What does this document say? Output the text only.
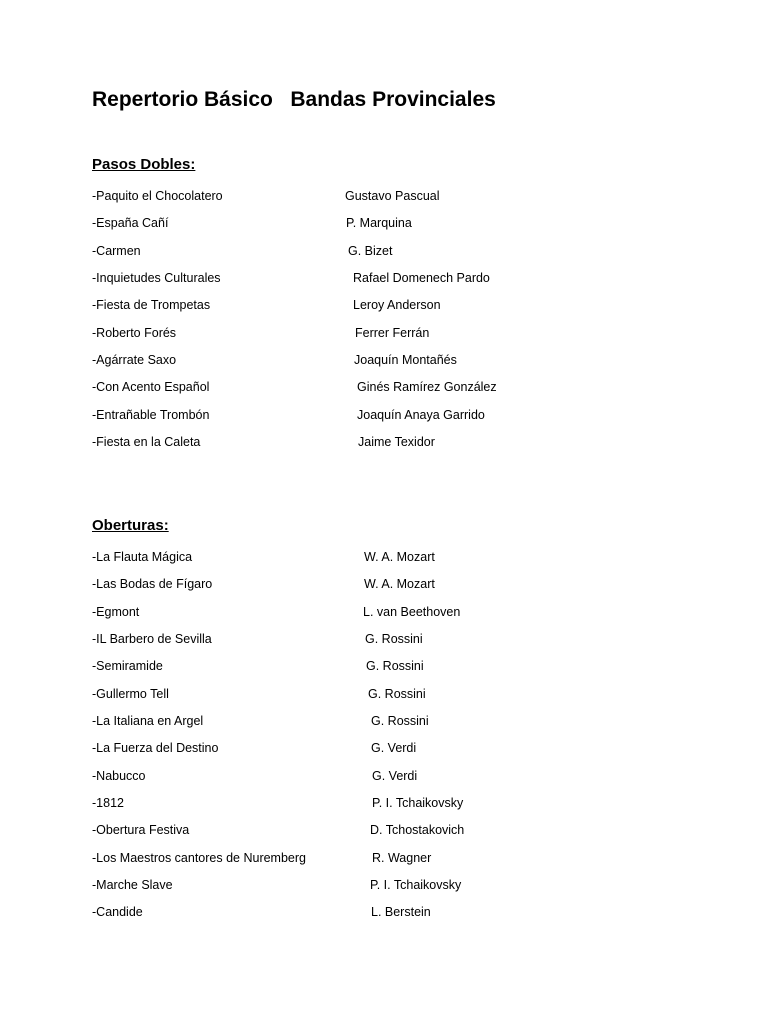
Repertorio Básico   Bandas Provinciales
Pasos Dobles:
-Paquito el Chocolatero	Gustavo Pascual
-España Cañí	P. Marquina
-Carmen	G. Bizet
-Inquietudes Culturales	Rafael Domenech Pardo
-Fiesta de Trompetas	Leroy Anderson
-Roberto Forés	Ferrer Ferrán
-Agárrate Saxo	Joaquín Montañés
-Con Acento Español	Ginés Ramírez González
-Entrañable Trombón	Joaquín Anaya Garrido
-Fiesta en la Caleta	Jaime Texidor
Oberturas:
-La Flauta Mágica	W. A. Mozart
-Las Bodas de Fígaro	W. A. Mozart
-Egmont	L. van Beethoven
-IL Barbero de Sevilla	G. Rossini
-Semiramide	G. Rossini
-Gullermo Tell	G. Rossini
-La Italiana en Argel	G. Rossini
-La Fuerza del Destino	G. Verdi
-Nabucco	G. Verdi
-1812	P. I. Tchaikovsky
-Obertura Festiva	D. Tchostakovich
-Los Maestros cantores de Nuremberg	R. Wagner
-Marche Slave	P. I. Tchaikovsky
-Candide	L. Berstein
